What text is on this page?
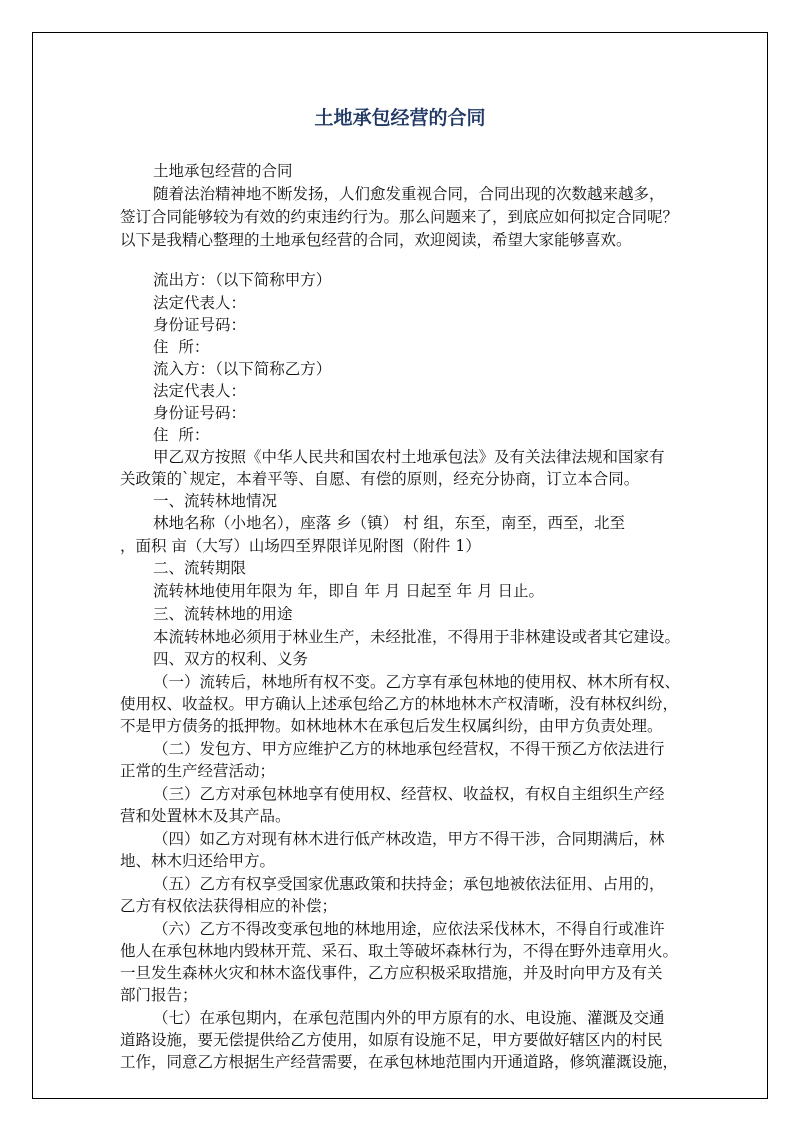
土地承包经营的合同
土地承包经营的合同
随着法治精神地不断发扬，人们愈发重视合同，合同出现的次数越来越多，
签订合同能够较为有效的约束违约行为。那么问题来了，到底应如何拟定合同呢？
以下是我精心整理的土地承包经营的合同，欢迎阅读，希望大家能够喜欢。
流出方：（以下简称甲方）
法定代表人：
身份证号码：
住  所：
流入方：（以下简称乙方）
法定代表人：
身份证号码：
住  所：
甲乙双方按照《中华人民共和国农村土地承包法》及有关法律法规和国家有
关政策的`规定，本着平等、自愿、有偿的原则，经充分协商，订立本合同。
一、流转林地情况
林地名称（小地名），座落 乡（镇） 村 组，东至，南至，西至，北至
，面积 亩（大写）山场四至界限详见附图（附件 1）
二、流转期限
流转林地使用年限为 年，即自 年 月 日起至 年 月 日止。
三、流转林地的用途
本流转林地必须用于林业生产，未经批准，不得用于非林建设或者其它建设。
四、双方的权利、义务
（一）流转后，林地所有权不变。乙方享有承包林地的使用权、林木所有权、
使用权、收益权。甲方确认上述承包给乙方的林地林木产权清晰，没有林权纠纷，
不是甲方债务的抵押物。如林地林木在承包后发生权属纠纷，由甲方负责处理。
（二）发包方、甲方应维护乙方的林地承包经营权，不得干预乙方依法进行
正常的生产经营活动；
（三）乙方对承包林地享有使用权、经营权、收益权，有权自主组织生产经
营和处置林木及其产品。
（四）如乙方对现有林木进行低产林改造，甲方不得干涉，合同期满后，林
地、林木归还给甲方。
（五）乙方有权享受国家优惠政策和扶持金；承包地被依法征用、占用的，
乙方有权依法获得相应的补偿；
（六）乙方不得改变承包地的林地用途，应依法采伐林木，不得自行或准许
他人在承包林地内毁林开荒、采石、取土等破坏森林行为，不得在野外违章用火。
一旦发生森林火灾和林木盗伐事件，乙方应积极采取措施，并及时向甲方及有关
部门报告；
（七）在承包期内，在承包范围内外的甲方原有的水、电设施、灌溉及交通
道路设施，要无偿提供给乙方使用，如原有设施不足，甲方要做好辖区内的村民
工作，同意乙方根据生产经营需要，在承包林地范围内开通道路，修筑灌溉设施，
